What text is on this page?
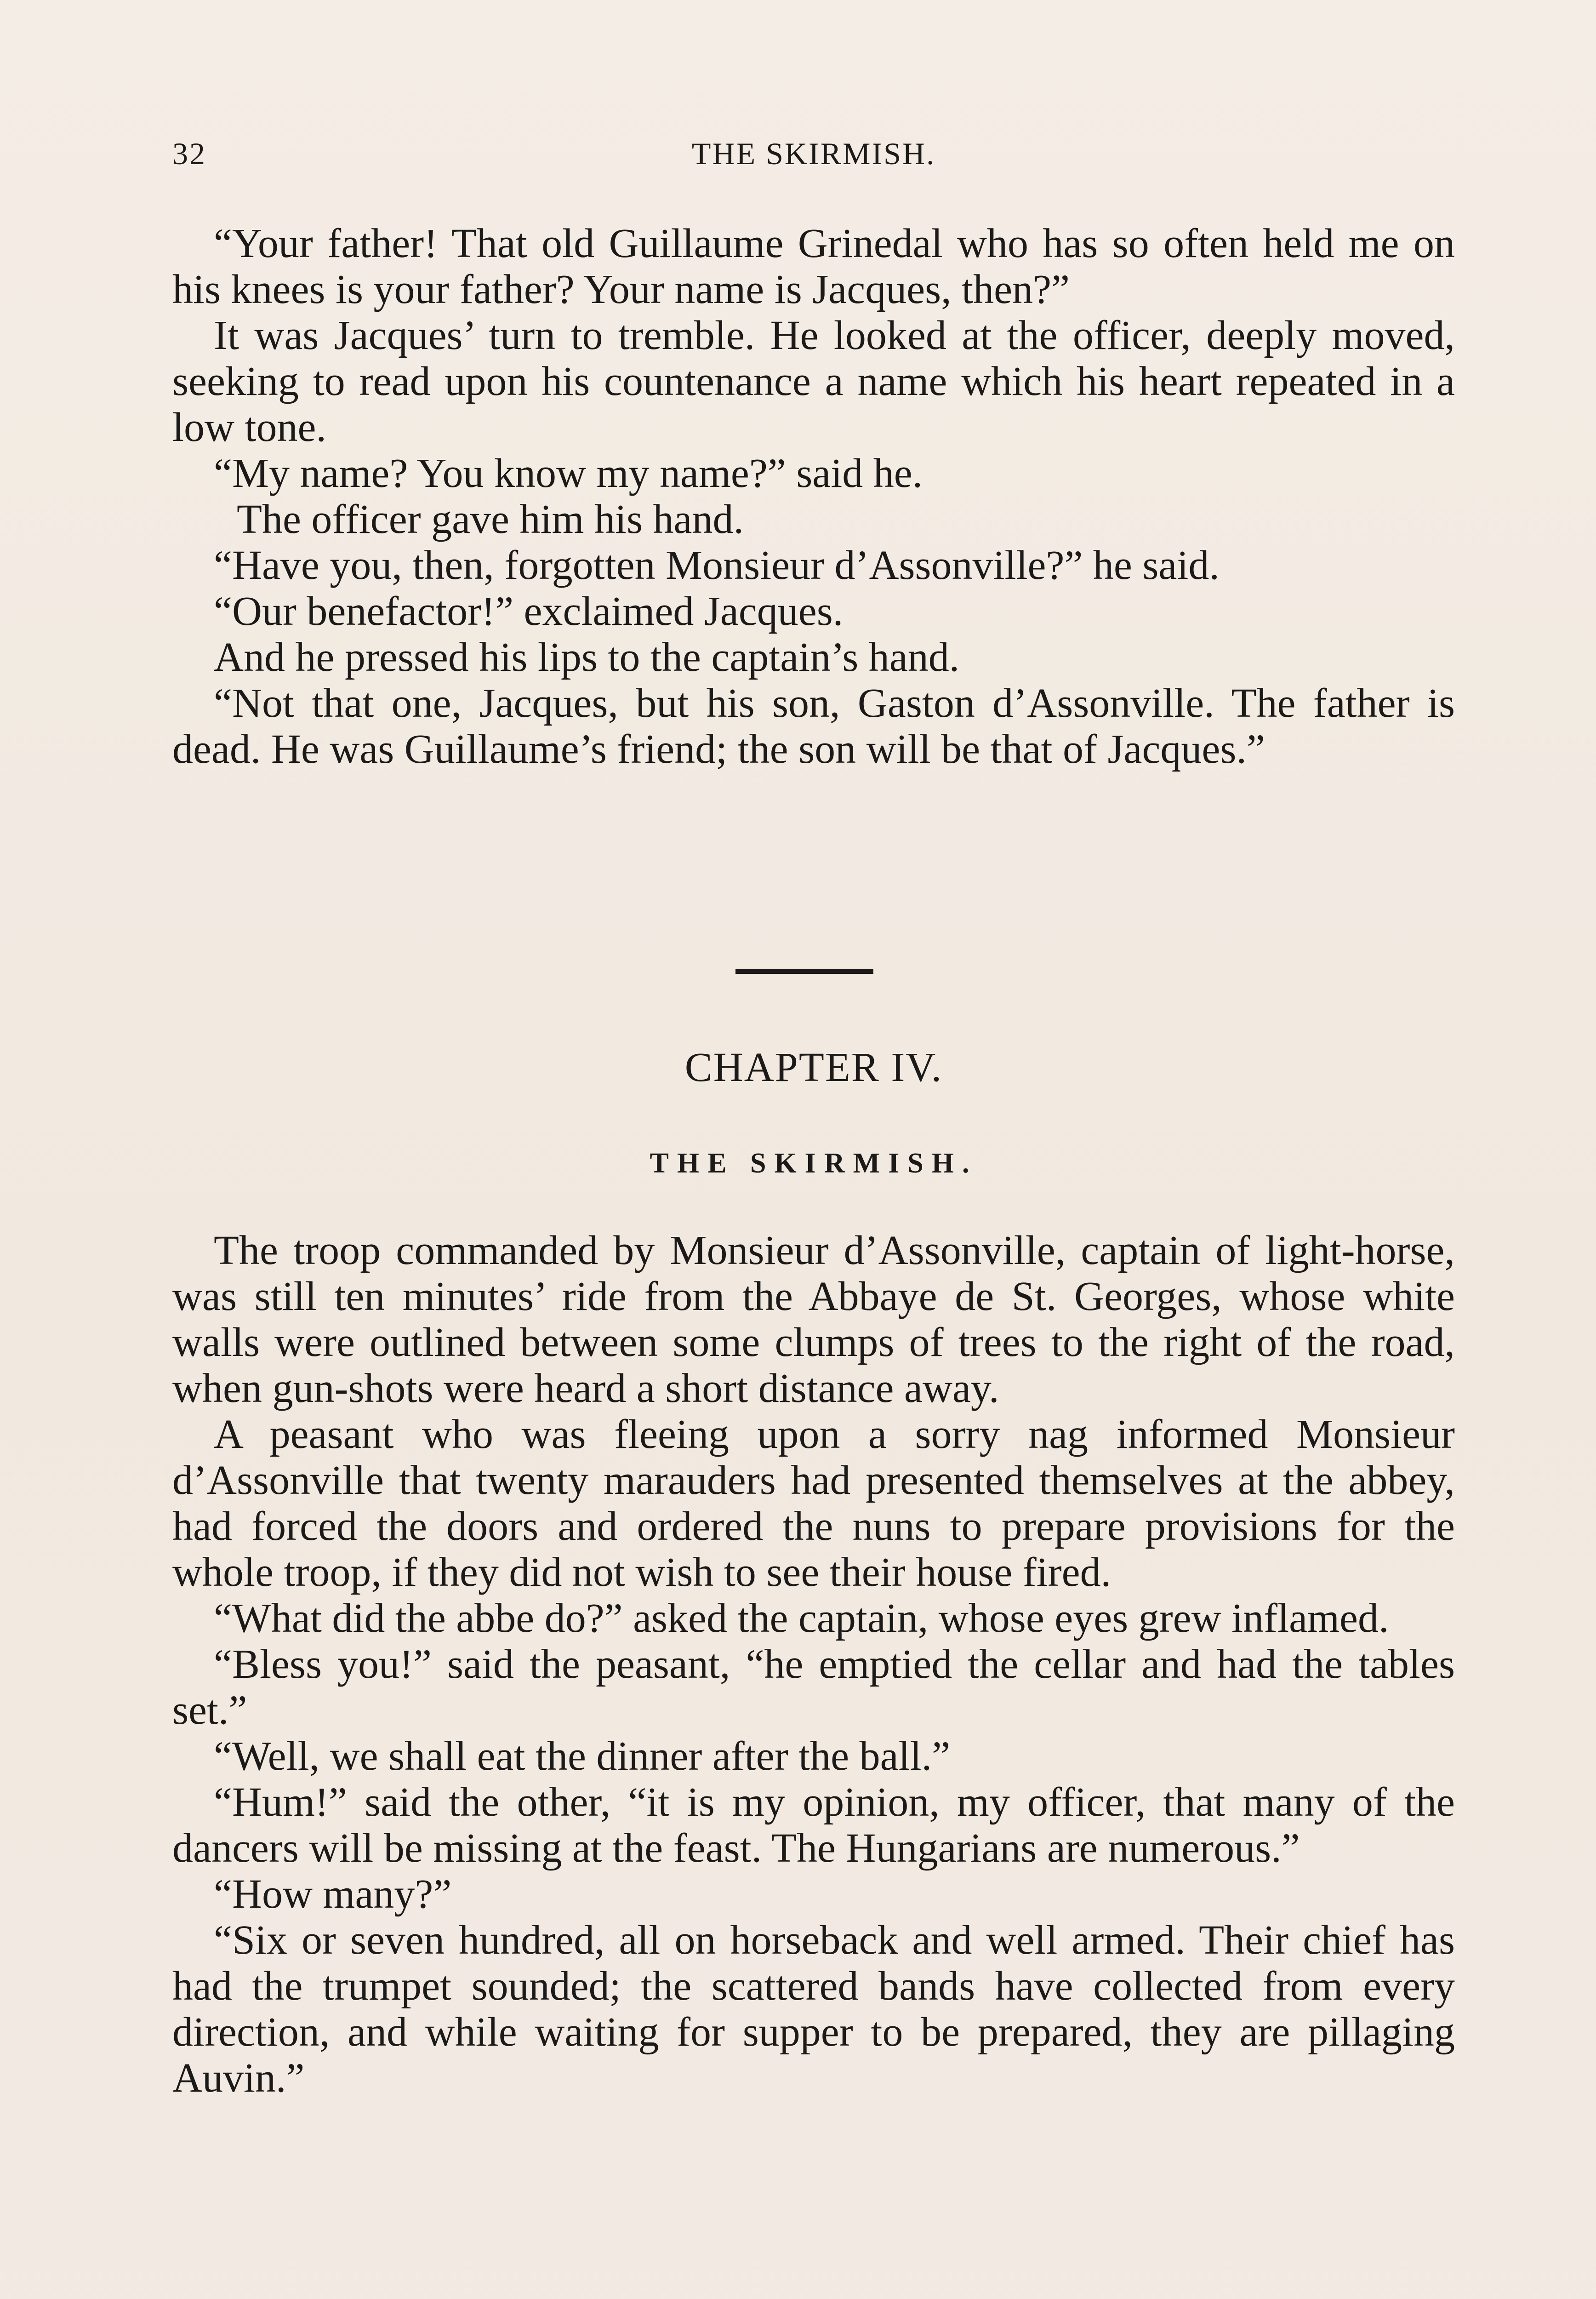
32	THE SKIRMISH.

“Your father! That old Guillaume Grinedal who has so often held me on his knees is your father? Your name is Jacques, then?”

It was Jacques’ turn to tremble. He looked at the officer, deeply moved, seeking to read upon his countenance a name which his heart repeated in a low tone.

“My name? You know my name?” said he.

The officer gave him his hand.

“Have you, then, forgotten Monsieur d’Assonville?” he said.

“Our benefactor!” exclaimed Jacques.

And he pressed his lips to the captain’s hand.

“Not that one, Jacques, but his son, Gaston d’Assonville. The father is dead. He was Guillaume’s friend; the son will be that of Jacques.”

CHAPTER IV.
THE SKIRMISH.

The troop commanded by Monsieur d’Assonville, captain of light-horse, was still ten minutes’ ride from the Abbaye de St. Georges, whose white walls were outlined between some clumps of trees to the right of the road, when gun-shots were heard a short distance away.

A peasant who was fleeing upon a sorry nag informed Monsieur d’Assonville that twenty marauders had presented themselves at the abbey, had forced the doors and ordered the nuns to prepare provisions for the whole troop, if they did not wish to see their house fired.

“What did the abbe do?” asked the captain, whose eyes grew inflamed.

“Bless you!” said the peasant, “he emptied the cellar and had the tables set.”

“Well, we shall eat the dinner after the ball.”

“Hum!” said the other, “it is my opinion, my officer, that many of the dancers will be missing at the feast. The Hungarians are numerous.”

“How many?”

“Six or seven hundred, all on horseback and well armed. Their chief has had the trumpet sounded; the scattered bands have collected from every direction, and while waiting for supper to be prepared, they are pillaging Auvin.”
